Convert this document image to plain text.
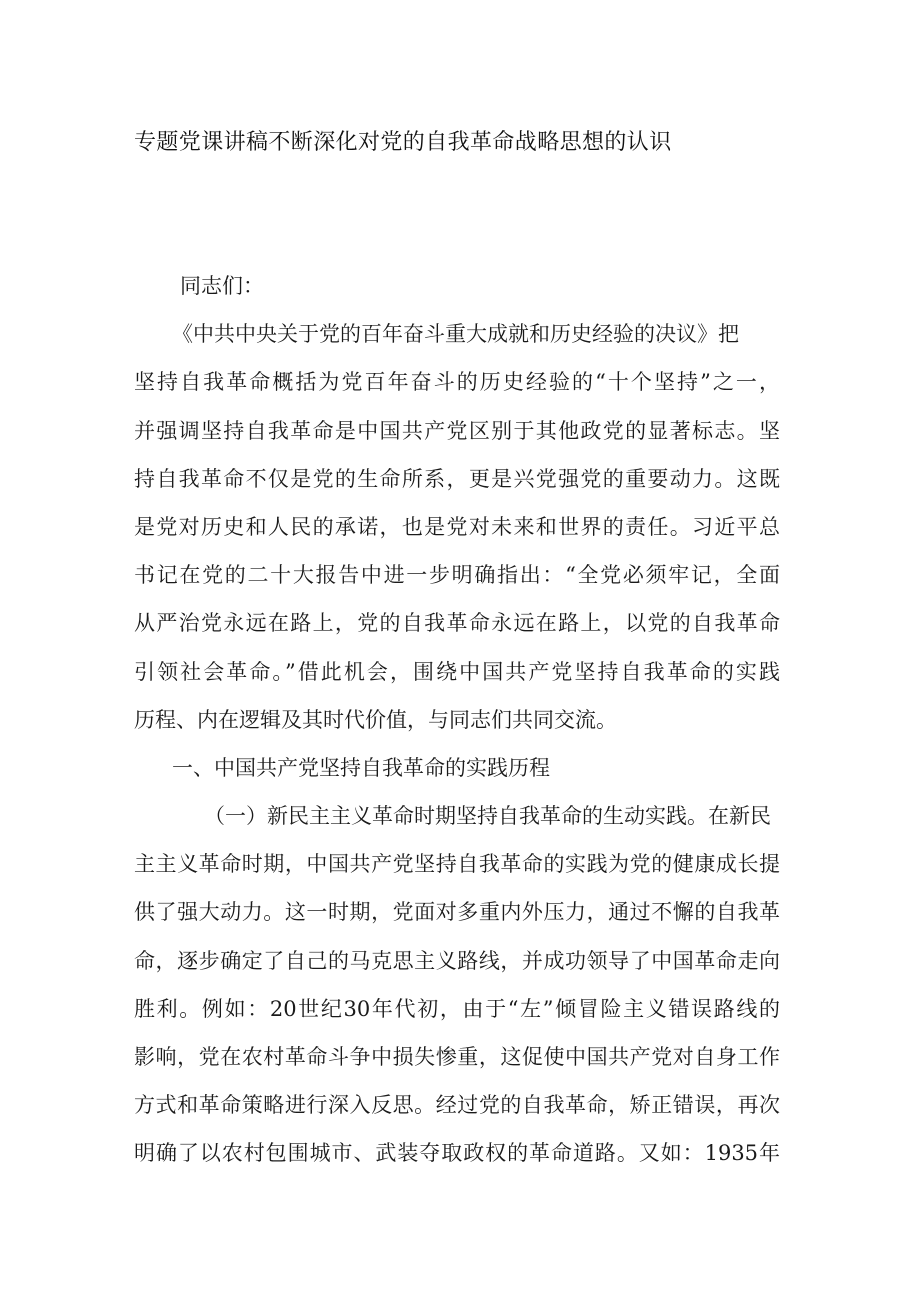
专题党课讲稿不断深化对党的自我革命战略思想的认识
同志们：
《中共中央关于党的百年奋斗重大成就和历史经验的决议》把
坚持自我革命概括为党百年奋斗的历史经验的“十个坚持”之一，
并强调坚持自我革命是中国共产党区别于其他政党的显著标志。坚
持自我革命不仅是党的生命所系，更是兴党强党的重要动力。这既
是党对历史和人民的承诺，也是党对未来和世界的责任。习近平总
书记在党的二十大报告中进一步明确指出：“全党必须牢记，全面
从严治党永远在路上，党的自我革命永远在路上，以党的自我革命
引领社会革命。”借此机会，围绕中国共产党坚持自我革命的实践
历程、内在逻辑及其时代价值，与同志们共同交流。
一、中国共产党坚持自我革命的实践历程
（一）新民主主义革命时期坚持自我革命的生动实践。在新民
主主义革命时期，中国共产党坚持自我革命的实践为党的健康成长提
供了强大动力。这一时期，党面对多重内外压力，通过不懈的自我革
命，逐步确定了自己的马克思主义路线，并成功领导了中国革命走向
胜利。例如：20世纪30年代初，由于“左”倾冒险主义错误路线的
影响，党在农村革命斗争中损失惨重，这促使中国共产党对自身工作
方式和革命策略进行深入反思。经过党的自我革命，矫正错误，再次
明确了以农村包围城市、武装夺取政权的革命道路。又如：1935年
